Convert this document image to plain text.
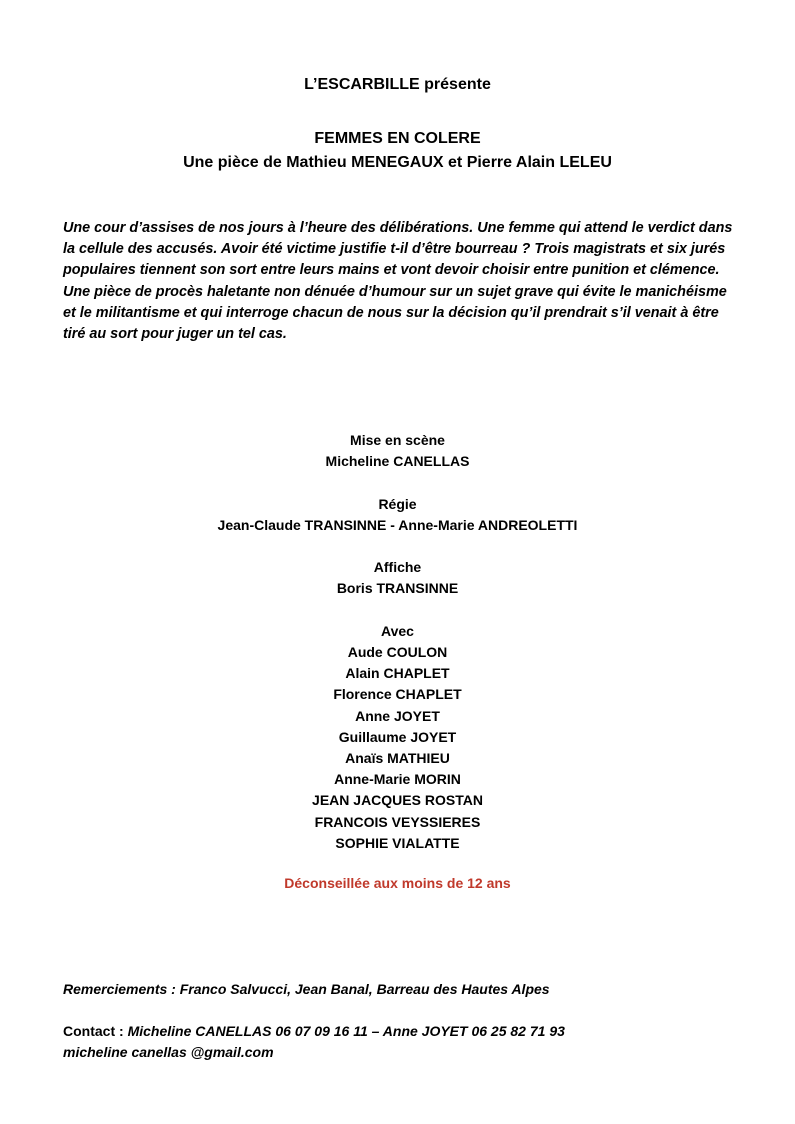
L’ESCARBILLE présente
FEMMES EN COLERE
Une pièce de Mathieu MENEGAUX et Pierre Alain LELEU

Une cour d’assises de nos jours à l’heure des délibérations. Une femme qui attend le verdict dans la cellule des accusés. Avoir été victime justifie t-il d’être bourreau ? Trois magistrats et six jurés populaires tiennent son sort entre leurs mains et vont devoir choisir entre punition et clémence.

Une pièce de procès haletante non dénuée d’humour sur un sujet grave qui évite le manichéisme et le militantisme et qui interroge chacun de nous sur la décision qu’il prendrait s’il venait à être tiré au sort pour juger un tel cas.

Mise en scène
Micheline CANELLAS
Régie
Jean-Claude TRANSINNE - Anne-Marie ANDREOLETTI
Affiche
Boris TRANSINNE
Avec
Aude COULON
Alain CHAPLET
Florence CHAPLET
Anne JOYET
Guillaume JOYET
Anaïs MATHIEU
Anne-Marie MORIN
JEAN JACQUES ROSTAN
FRANCOIS VEYSSIERES
SOPHIE VIALATTE
Déconseillée aux moins de 12 ans
Remerciements : Franco Salvucci, Jean Banal, Barreau des Hautes Alpes
Contact : Micheline CANELLAS 06 07 09 16 11 – Anne JOYET 06 25 82 71 93
micheline canellas @gmail.com
